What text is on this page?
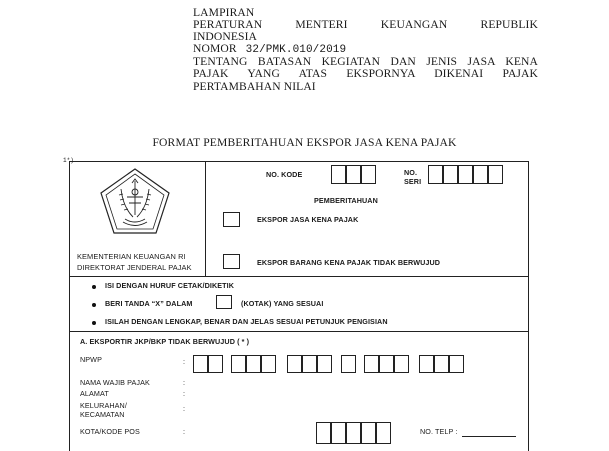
LAMPIRAN
PERATURAN	MENTERI	KEUANGAN	REPUBLIK
INDONESIA
NOMOR 32/PMK.010/2019
TENTANG BATASAN KEGIATAN DAN JENIS JASA KENA
PAJAK YANG ATAS EKSPORNYA DIKENAI PAJAK
PERTAMBAHAN NILAI
FORMAT PEMBERITAHUAN EKSPOR JASA KENA PAJAK
1*)
KEMENTERIAN KEUANGAN RI
DIREKTORAT JENDERAL PAJAK
NO. KODE	NO.
SERI
PEMBERITAHUAN
EKSPOR JASA KENA PAJAK
EKSPOR BARANG KENA PAJAK TIDAK BERWUJUD
ISI DENGAN HURUF CETAK/DIKETIK
BERI TANDA “X” DALAM	(KOTAK) YANG SESUAI
ISILAH DENGAN LENGKAP, BENAR DAN JELAS SESUAI PETUNJUK PENGISIAN
A. EKSPORTIR JKP/BKP TIDAK BERWUJUD ( * )
NPWP	:
NAMA WAJIB PAJAK	:
ALAMAT	:
KELURAHAN/
KECAMATAN
:
KOTA/KODE POS	:	NO. TELP :
